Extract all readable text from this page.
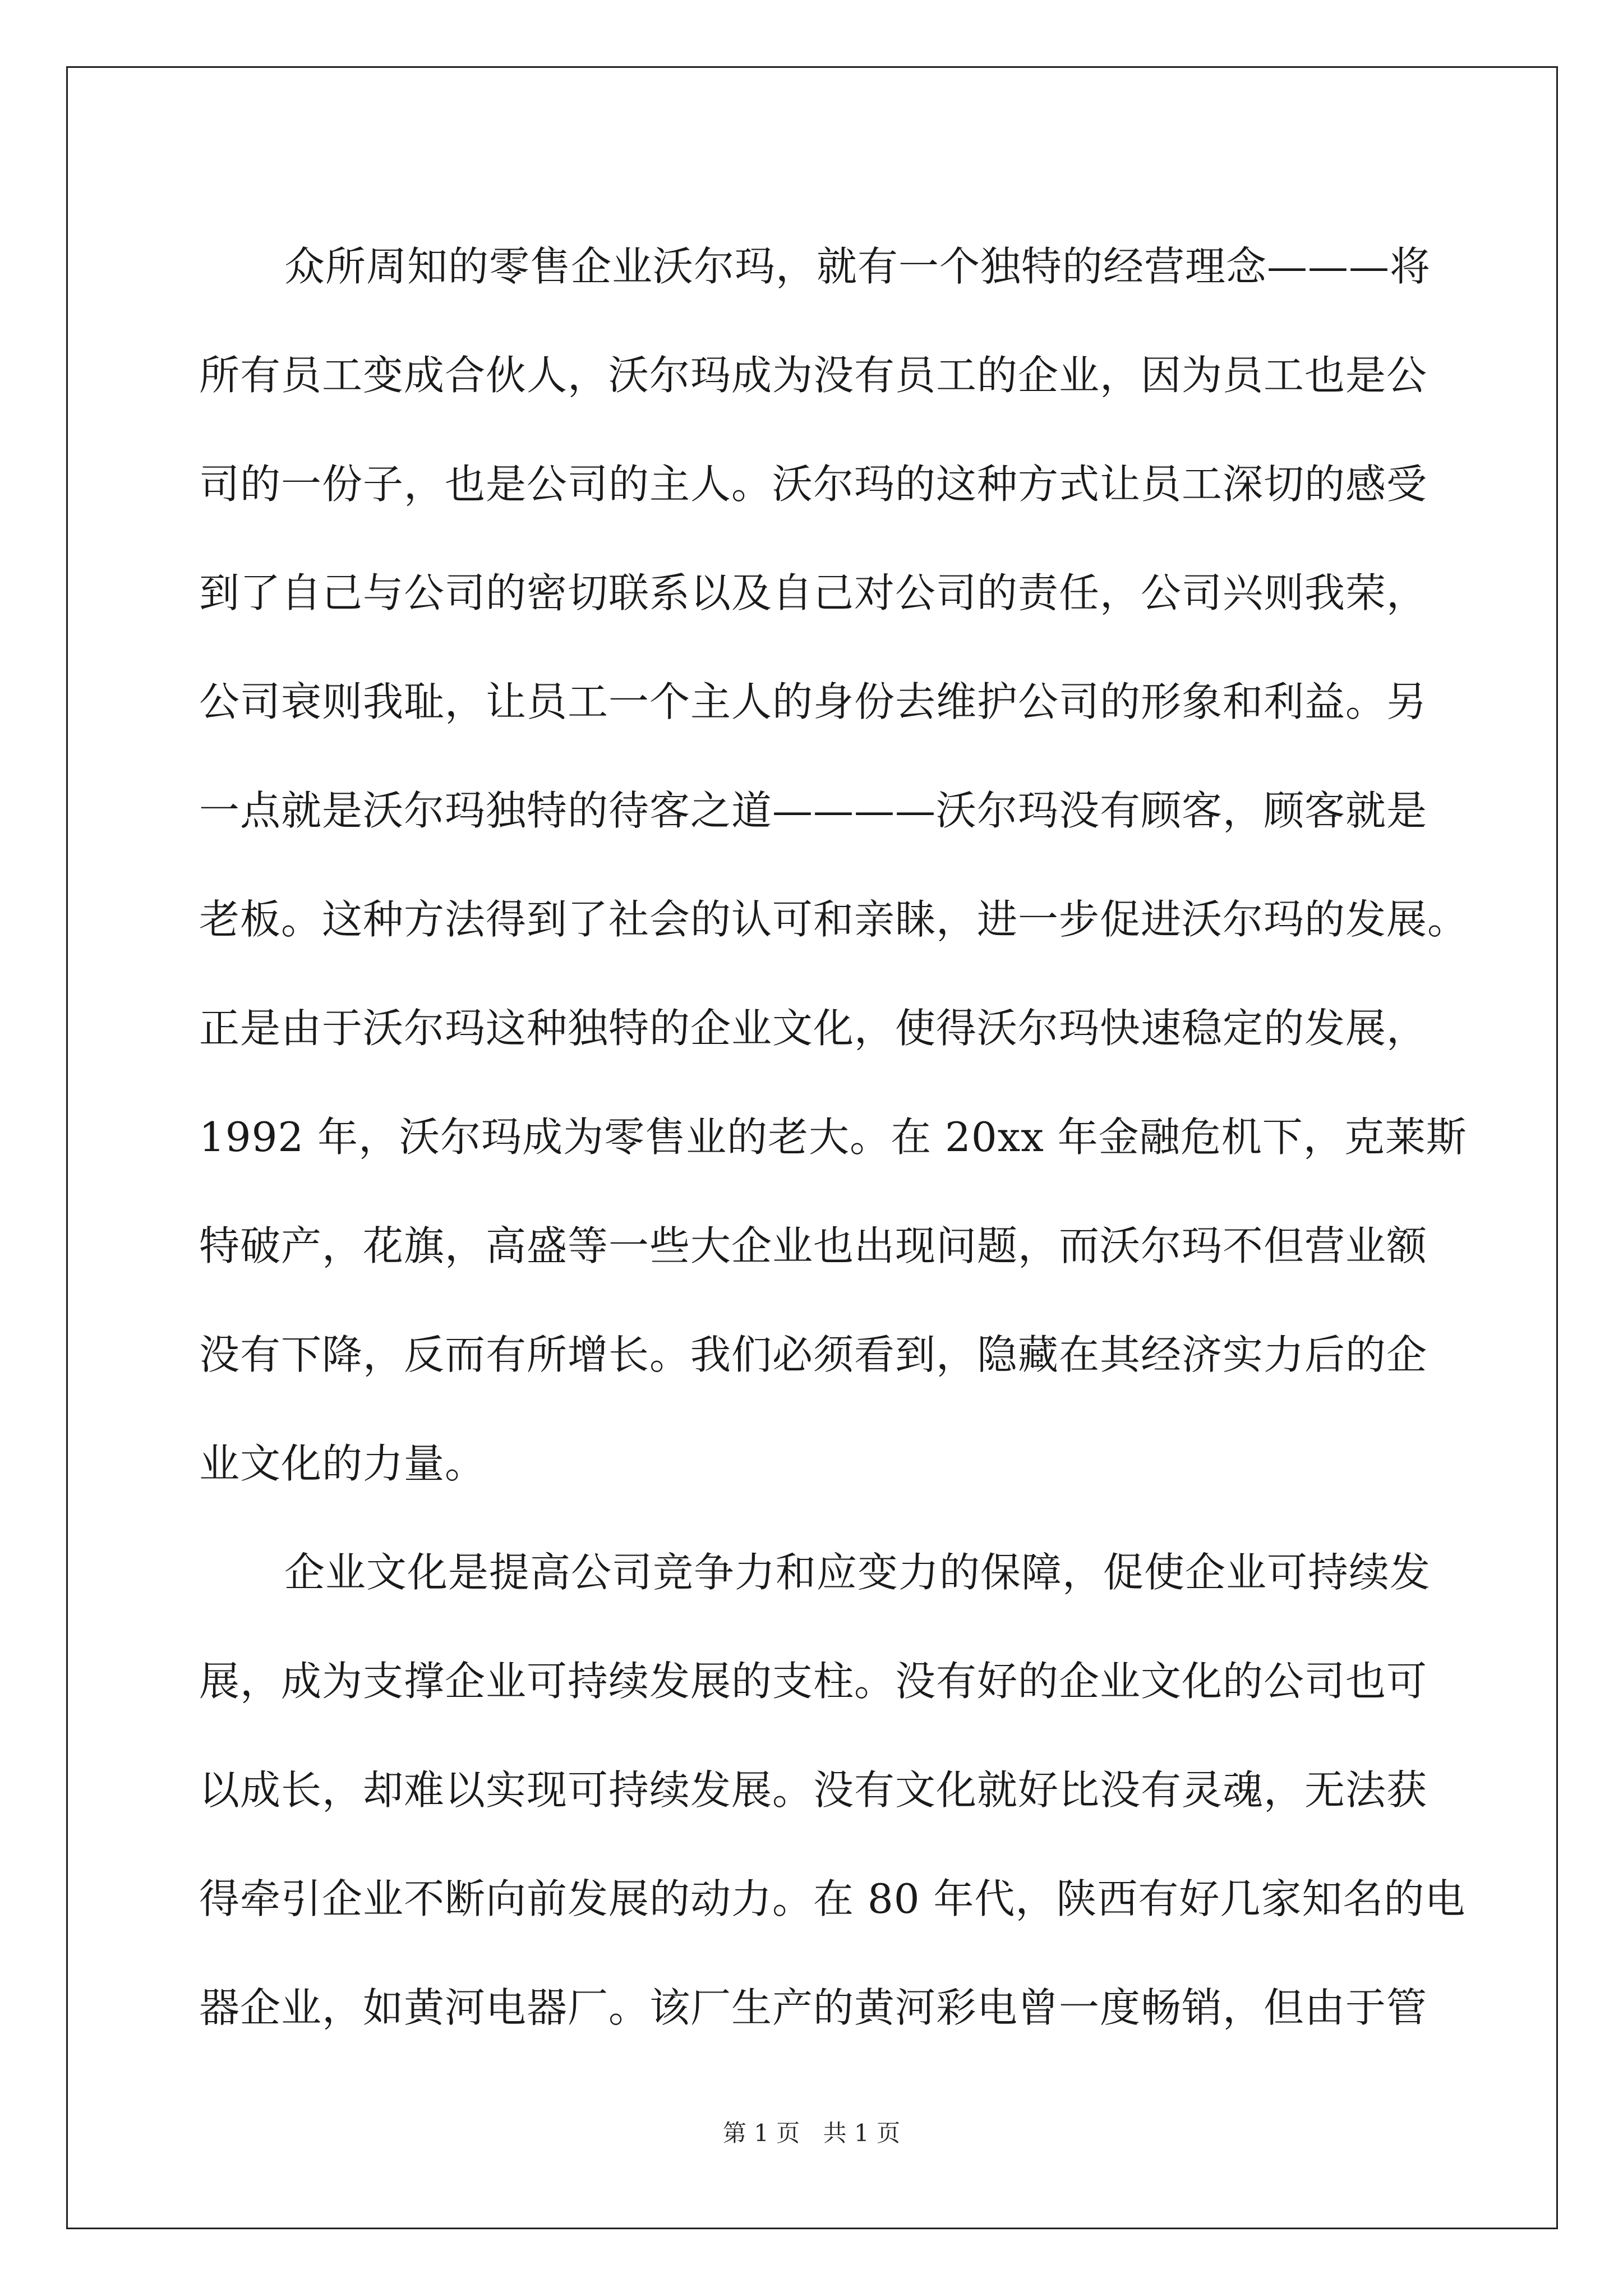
众所周知的零售企业沃尔玛，就有一个独特的经营理念———将
所有员工变成合伙人，沃尔玛成为没有员工的企业，因为员工也是公
司的一份子，也是公司的主人。沃尔玛的这种方式让员工深切的感受
到了自己与公司的密切联系以及自己对公司的责任，公司兴则我荣，
公司衰则我耻，让员工一个主人的身份去维护公司的形象和利益。另
一点就是沃尔玛独特的待客之道————沃尔玛没有顾客，顾客就是
老板。这种方法得到了社会的认可和亲睐，进一步促进沃尔玛的发展。
正是由于沃尔玛这种独特的企业文化，使得沃尔玛快速稳定的发展，
1992 年，沃尔玛成为零售业的老大。在 20xx 年金融危机下，克莱斯
特破产，花旗，高盛等一些大企业也出现问题，而沃尔玛不但营业额
没有下降，反而有所增长。我们必须看到，隐藏在其经济实力后的企
业文化的力量。
企业文化是提高公司竞争力和应变力的保障，促使企业可持续发
展，成为支撑企业可持续发展的支柱。没有好的企业文化的公司也可
以成长，却难以实现可持续发展。没有文化就好比没有灵魂，无法获
得牵引企业不断向前发展的动力。在 80 年代，陕西有好几家知名的电
器企业，如黄河电器厂。该厂生产的黄河彩电曾一度畅销，但由于管
第 1 页 共 1 页
